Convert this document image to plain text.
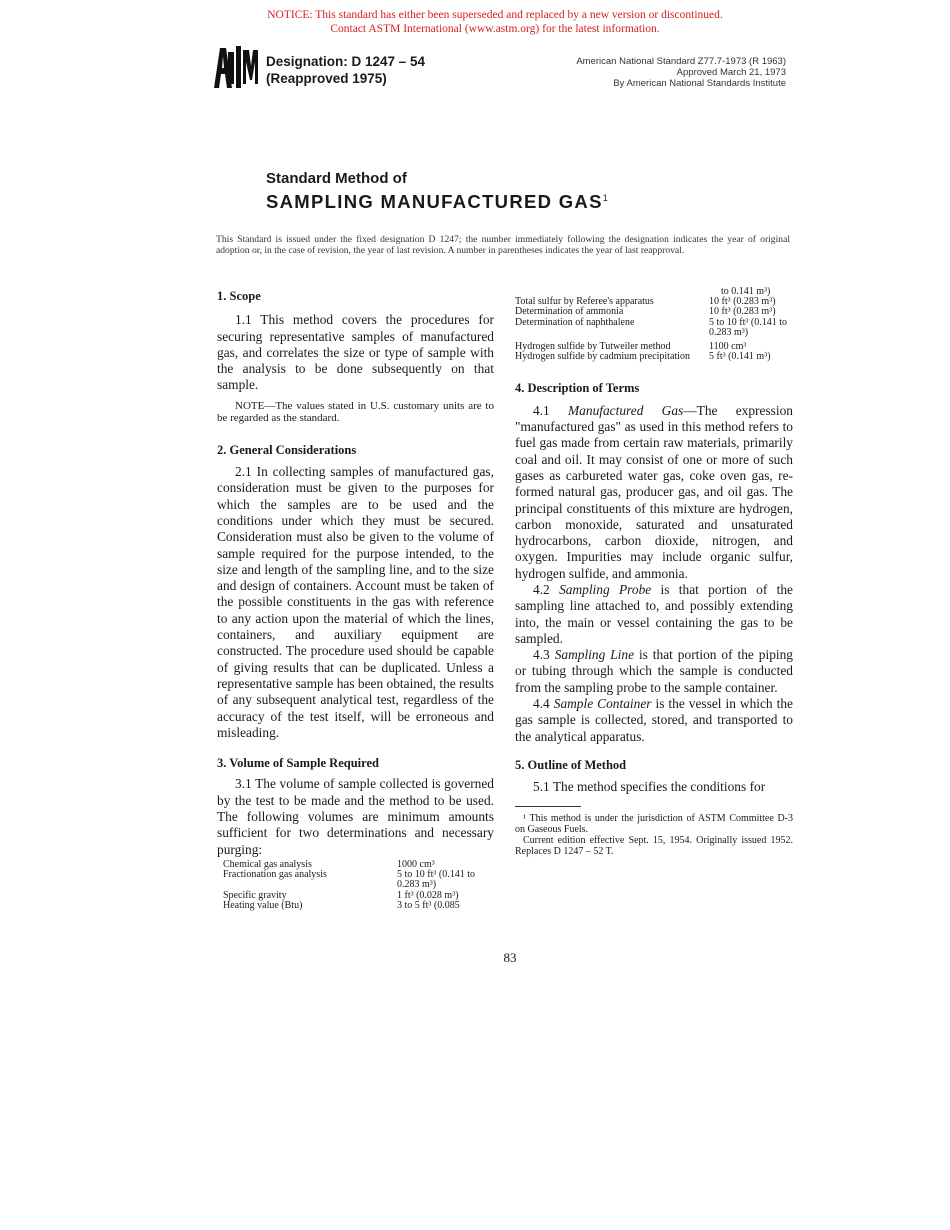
NOTICE: This standard has either been superseded and replaced by a new version or discontinued.
Contact ASTM International (www.astm.org) for the latest information.
Designation: D 1247 – 54
(Reapproved 1975)
American National Standard Z77.7-1973 (R 1963)
Approved March 21, 1973
By American National Standards Institute
Standard Method of
SAMPLING MANUFACTURED GAS$^1$
This Standard is issued under the fixed designation D 1247; the number immediately following the designation indicates the year of original adoption or, in the case of revision, the year of last revision. A number in parentheses indicates the year of last reapproval.
1. Scope

1.1 This method covers the procedures for securing representative samples of manufactured gas, and correlates the size or type of sample with the analysis to be done subsequently on that sample.

NOTE—The values stated in U.S. customary units are to be regarded as the standard.

2. General Considerations

2.1 In collecting samples of manufactured gas, consideration must be given to the purposes for which the samples are to be used and the conditions under which they must be secured. Consideration must also be given to the volume of sample required for the purpose intended, to the size and length of the sampling line, and to the size and design of containers. Account must be taken of the possible constituents in the gas with reference to any action upon the material of which the lines, containers, and auxiliary equipment are constructed. The procedure used should be capable of giving results that can be duplicated. Unless a representative sample has been obtained, the results of any subsequent analytical test, regardless of the accuracy of the test itself, will be erroneous and misleading.

3. Volume of Sample Required

3.1 The volume of sample collected is governed by the test to be made and the method to be used. The following volumes are minimum amounts sufficient for two determinations and necessary purging:

Chemical gas analysis	1000 cm³
Fractionation gas analysis	5 to 10 ft³ (0.141 to 0.283 m³)
Specific gravity	1 ft³ (0.028 m³)
Heating value (Btu)	3 to 5 ft³ (0.085
to 0.141 m³)
Total sulfur by Referee's apparatus	10 ft³ (0.283 m³)
Determination of ammonia	10 ft³ (0.283 m³)
Determination of naphthalene	5 to 10 ft³ (0.141 to 0.283 m³)
Hydrogen sulfide by Tutweiler method	1100 cm³
Hydrogen sulfide by cadmium precipitation	5 ft³ (0.141 m³)
4. Description of Terms

4.1 Manufactured Gas—The expression "manufactured gas" as used in this method refers to fuel gas made from certain raw materials, primarily coal and oil. It may consist of one or more of such gases as carbureted water gas, coke oven gas, re-formed natural gas, producer gas, and oil gas. The principal constituents of this mixture are hydrogen, carbon monoxide, saturated and unsaturated hydrocarbons, carbon dioxide, nitrogen, and oxygen. Impurities may include organic sulfur, hydrogen sulfide, and ammonia.

4.2 Sampling Probe is that portion of the sampling line attached to, and possibly extending into, the main or vessel containing the gas to be sampled.

4.3 Sampling Line is that portion of the piping or tubing through which the sample is conducted from the sampling probe to the sample container.

4.4 Sample Container is the vessel in which the gas sample is collected, stored, and transported to the analytical apparatus.

5. Outline of Method

5.1 The method specifies the conditions for

¹ This method is under the jurisdiction of ASTM Committee D-3 on Gaseous Fuels.

Current edition effective Sept. 15, 1954. Originally issued 1952. Replaces D 1247 – 52 T.

83
